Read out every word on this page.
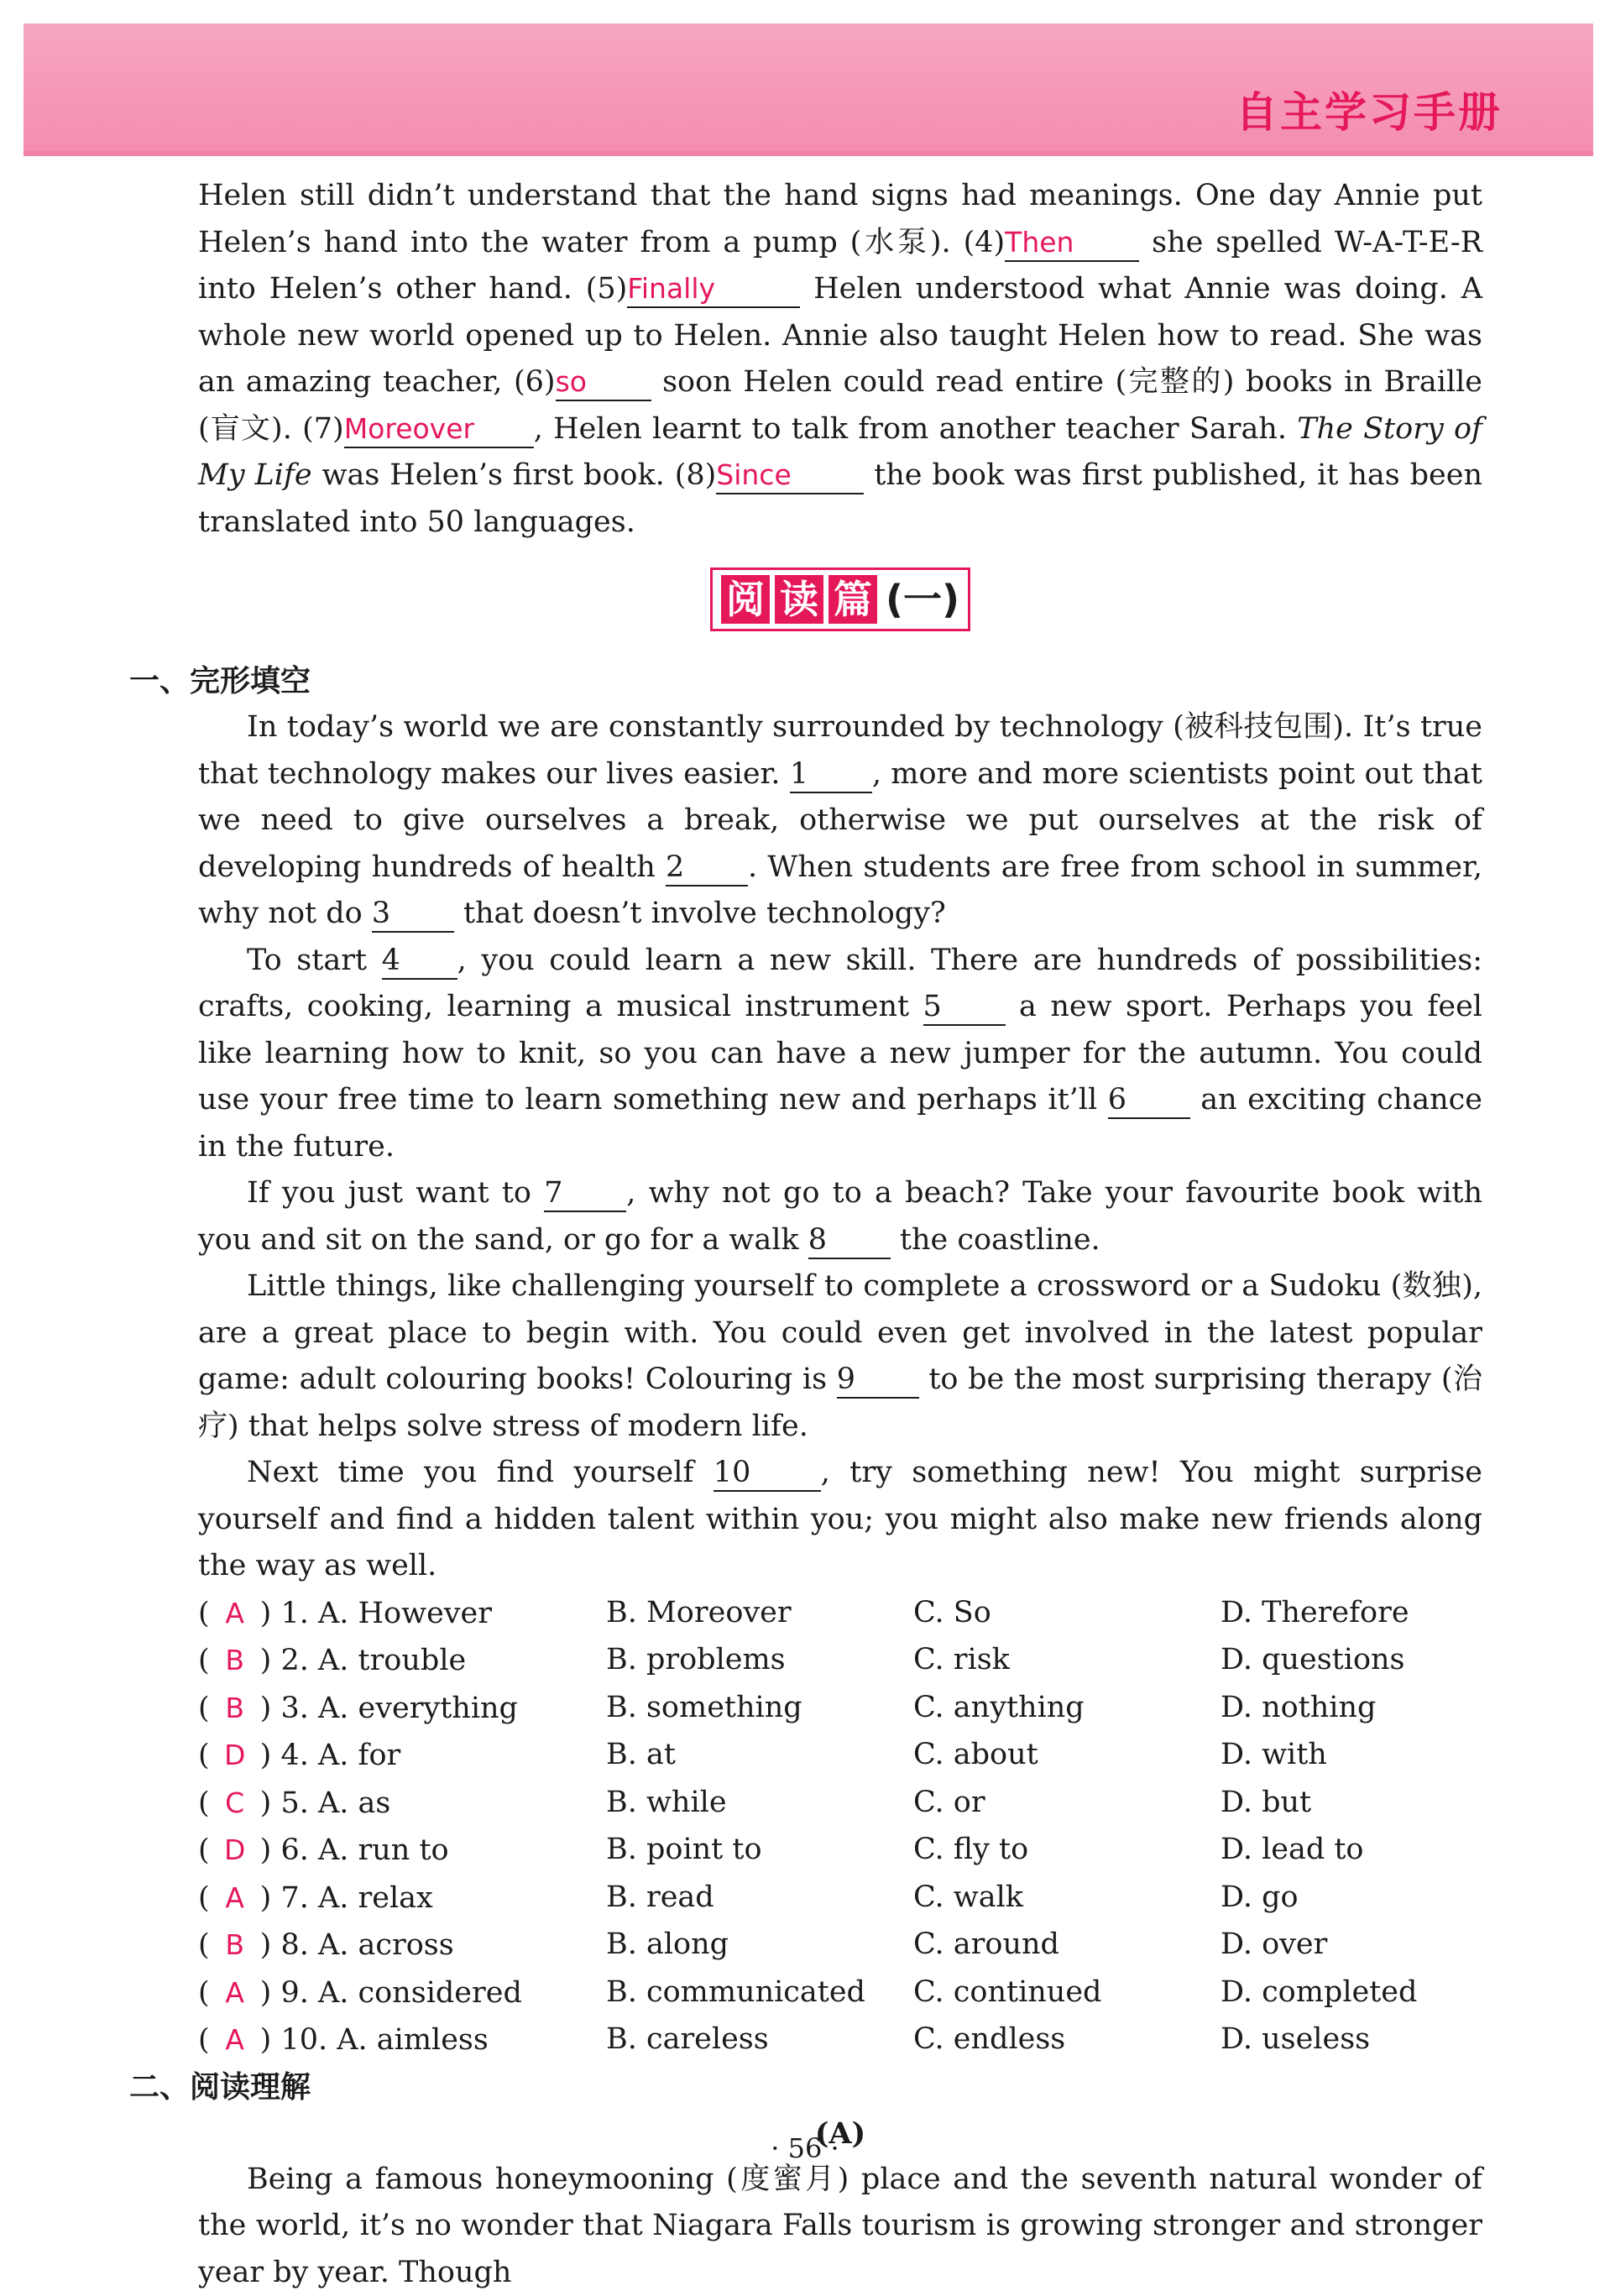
自主学习手册

Helen still didn’t understand that the hand signs had meanings. One day Annie put Helen’s hand into the water from a pump (水泵). (4)Then she spelled W-A-T-E-R into Helen’s other hand. (5)Finally	Helen understood what Annie was doing. A whole new world opened up to Helen. Annie also taught Helen how to read. She was an amazing teacher, (6)so soon Helen could read entire (完整的) books in Braille (盲文). (7)Moreover , Helen learnt to talk from another teacher Sarah. The Story of My Life was Helen’s first book. (8)Since the book was first published, it has been translated into 50 languages.

阅 读 篇 (一)
一、完形填空

In today’s world we are constantly surrounded by technology (被科技包围). It’s true that technology makes our lives easier. 1 , more and more scientists point out that we need to give ourselves a break, otherwise we put ourselves at the risk of developing hundreds of health 2 . When students are free from school in summer, why not do 3 that doesn’t involve technology?

To start 4 , you could learn a new skill. There are hundreds of possibilities: crafts, cooking, learning a musical instrument 5 a new sport. Perhaps you feel like learning how to knit, so you can have a new jumper for the autumn. You could use your free time to learn something new and perhaps it’ll 6 an exciting chance in the future.

If you just want to 7 , why not go to a beach? Take your favourite book with you and sit on the sand, or go for a walk 8 the coastline.

Little things, like challenging yourself to complete a crossword or a Sudoku (数独), are a great place to begin with. You could even get involved in the latest popular game: adult colouring books! Colouring is 9 to be the most surprising therapy (治疗) that helps solve stress of modern life.

Next time you find yourself 10 , try something new! You might surprise yourself and find a hidden talent within you; you might also make new friends along the way as well.

( A ) 1. A. However	B. Moreover	C. So	D. Therefore
( B ) 2. A. trouble	B. problems	C. risk	D. questions
( B ) 3. A. everything	B. something	C. anything	D. nothing
( D ) 4. A. for	B. at	C. about	D. with
( C ) 5. A. as	B. while	C. or	D. but
( D ) 6. A. run to	B. point to	C. fly to	D. lead to
( A ) 7. A. relax	B. read	C. walk	D. go
( B ) 8. A. across	B. along	C. around	D. over
( A ) 9. A. considered	B. communicated	C. continued	D. completed
( A ) 10. A. aimless	B. careless	C. endless	D. useless
二、阅读理解
(A)

Being a famous honeymooning (度蜜月) place and the seventh natural wonder of the world, it’s no wonder that Niagara Falls tourism is growing stronger and stronger year by year. Though

· 56 ·
